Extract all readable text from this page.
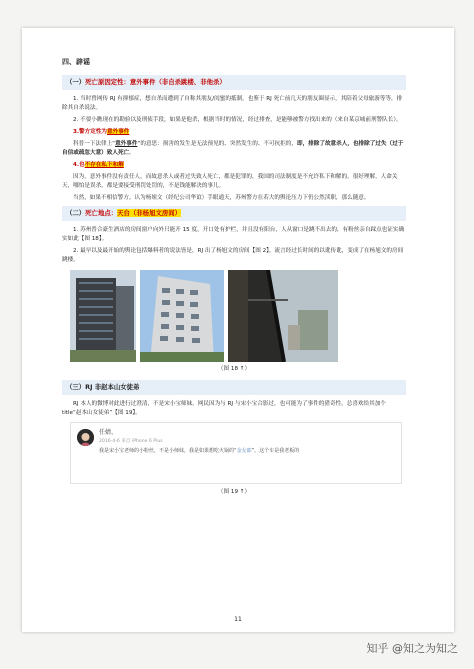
四、辟谣
（一）死亡原因定性：意外事件（非自杀跳楼、非他杀）

1. 当时曾网传 RJ 有抑郁症，想自杀而遭到了自称其朋友/闺蜜的抵制，也鉴于 RJ 死亡前几天的朋友圈显示，其陪着父母旅游等等，排除其自杀说法。

2. 不要小瞧现在的勘验以及刑侦手段，如果是他杀，根据当时的情况，经过排查，是能够被警方找出来的（来自某京城前刑警队长）。

3.警方定性为意外事件

科普一下法律上“意外事件”的意思：损害的发生是无法预见的、突然发生的、不可抗拒的，即，排除了故意杀人，也排除了过失（过于自信或疏忽大意）致人死亡。

4.也不存在私下和解

因为，意外事件没有责任人，而故意杀人或者过失致人死亡，都是犯罪的，我国的司法制度是不允许私下和解的。很好理解，人命关天，哪怕是误杀，都是要接受刑罚处罚的，不是钱能解决的事儿。

当然，如果不相信警方，认为杨姐文（经纪公司华谊）手眼通天，苏州警方在若大的舆论压力下仍公然渎职，那么随意。

（二）死亡地点：天台（非杨旭文房间）

1. 苏州普合豪生酒店的房间窗户向外只能开 15 度，开口处有护栏，并且没有阳台，人从窗口是跳不出去的，有粉丝亲自踩点也证实确实如此【图 18】。

2. 最早以及最开始的舆论包括爆料者的说法皆是，RJ 出了杨旭文的房间【图 2】，流言经过长时间的以讹传讹，变成了在杨旭文的房间跳楼。

（图 18 ↑）
（三）RJ 非赵本山女徒弟

RJ 本人的微博对此进行过澄清，不是宋小宝师妹。网民因为与 RJ 与宋小宝合影过，也可能为了事件的猎奇性，总喜欢给其加个 title“赵本山女徒弟”【图 19】。

任婧、
2016-4-6 来自 iPhone 6 Plus
我是宋小宝老师的小粉丝，不是小师妹，我是如果想吃火锅的“金女郎”，这个车是我老板的
（图 19 ↑）
11
知乎 @知之为知之
